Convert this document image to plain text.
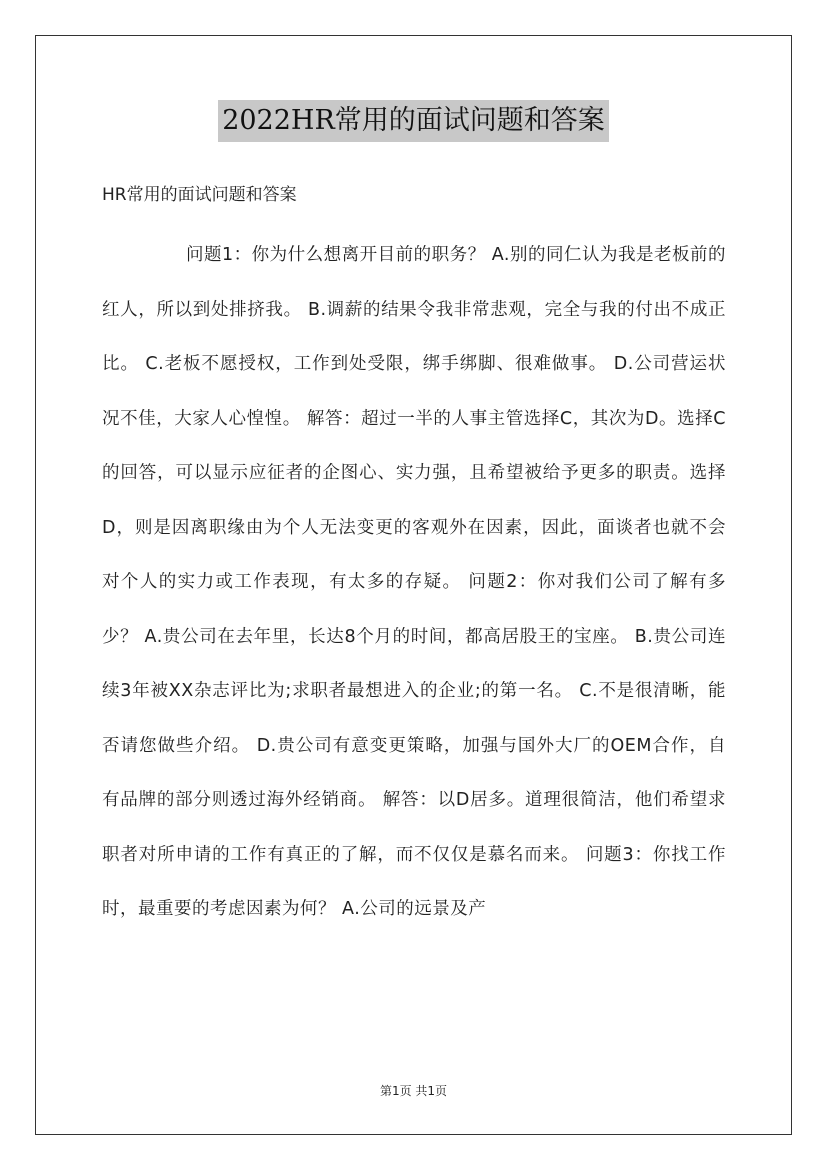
2022HR常用的面试问题和答案
HR常用的面试问题和答案

问题1：你为什么想离开目前的职务？ A.别的同仁认为我是老板前的红人，所以到处排挤我。 B.调薪的结果令我非常悲观，完全与我的付出不成正比。 C.老板不愿授权，工作到处受限，绑手绑脚、很难做事。 D.公司营运状况不佳，大家人心惶惶。 解答：超过一半的人事主管选择C，其次为D。选择C的回答，可以显示应征者的企图心、实力强，且希望被给予更多的职责。选择D，则是因离职缘由为个人无法变更的客观外在因素，因此，面谈者也就不会对个人的实力或工作表现，有太多的存疑。 问题2：你对我们公司了解有多少？ A.贵公司在去年里，长达8个月的时间，都高居股王的宝座。 B.贵公司连续3年被XX杂志评比为;求职者最想进入的企业;的第一名。 C.不是很清晰，能否请您做些介绍。 D.贵公司有意变更策略，加强与国外大厂的OEM合作，自有品牌的部分则透过海外经销商。 解答：以D居多。道理很简洁，他们希望求职者对所申请的工作有真正的了解，而不仅仅是慕名而来。 问题3：你找工作时，最重要的考虑因素为何？ A.公司的远景及产

第1页 共1页
